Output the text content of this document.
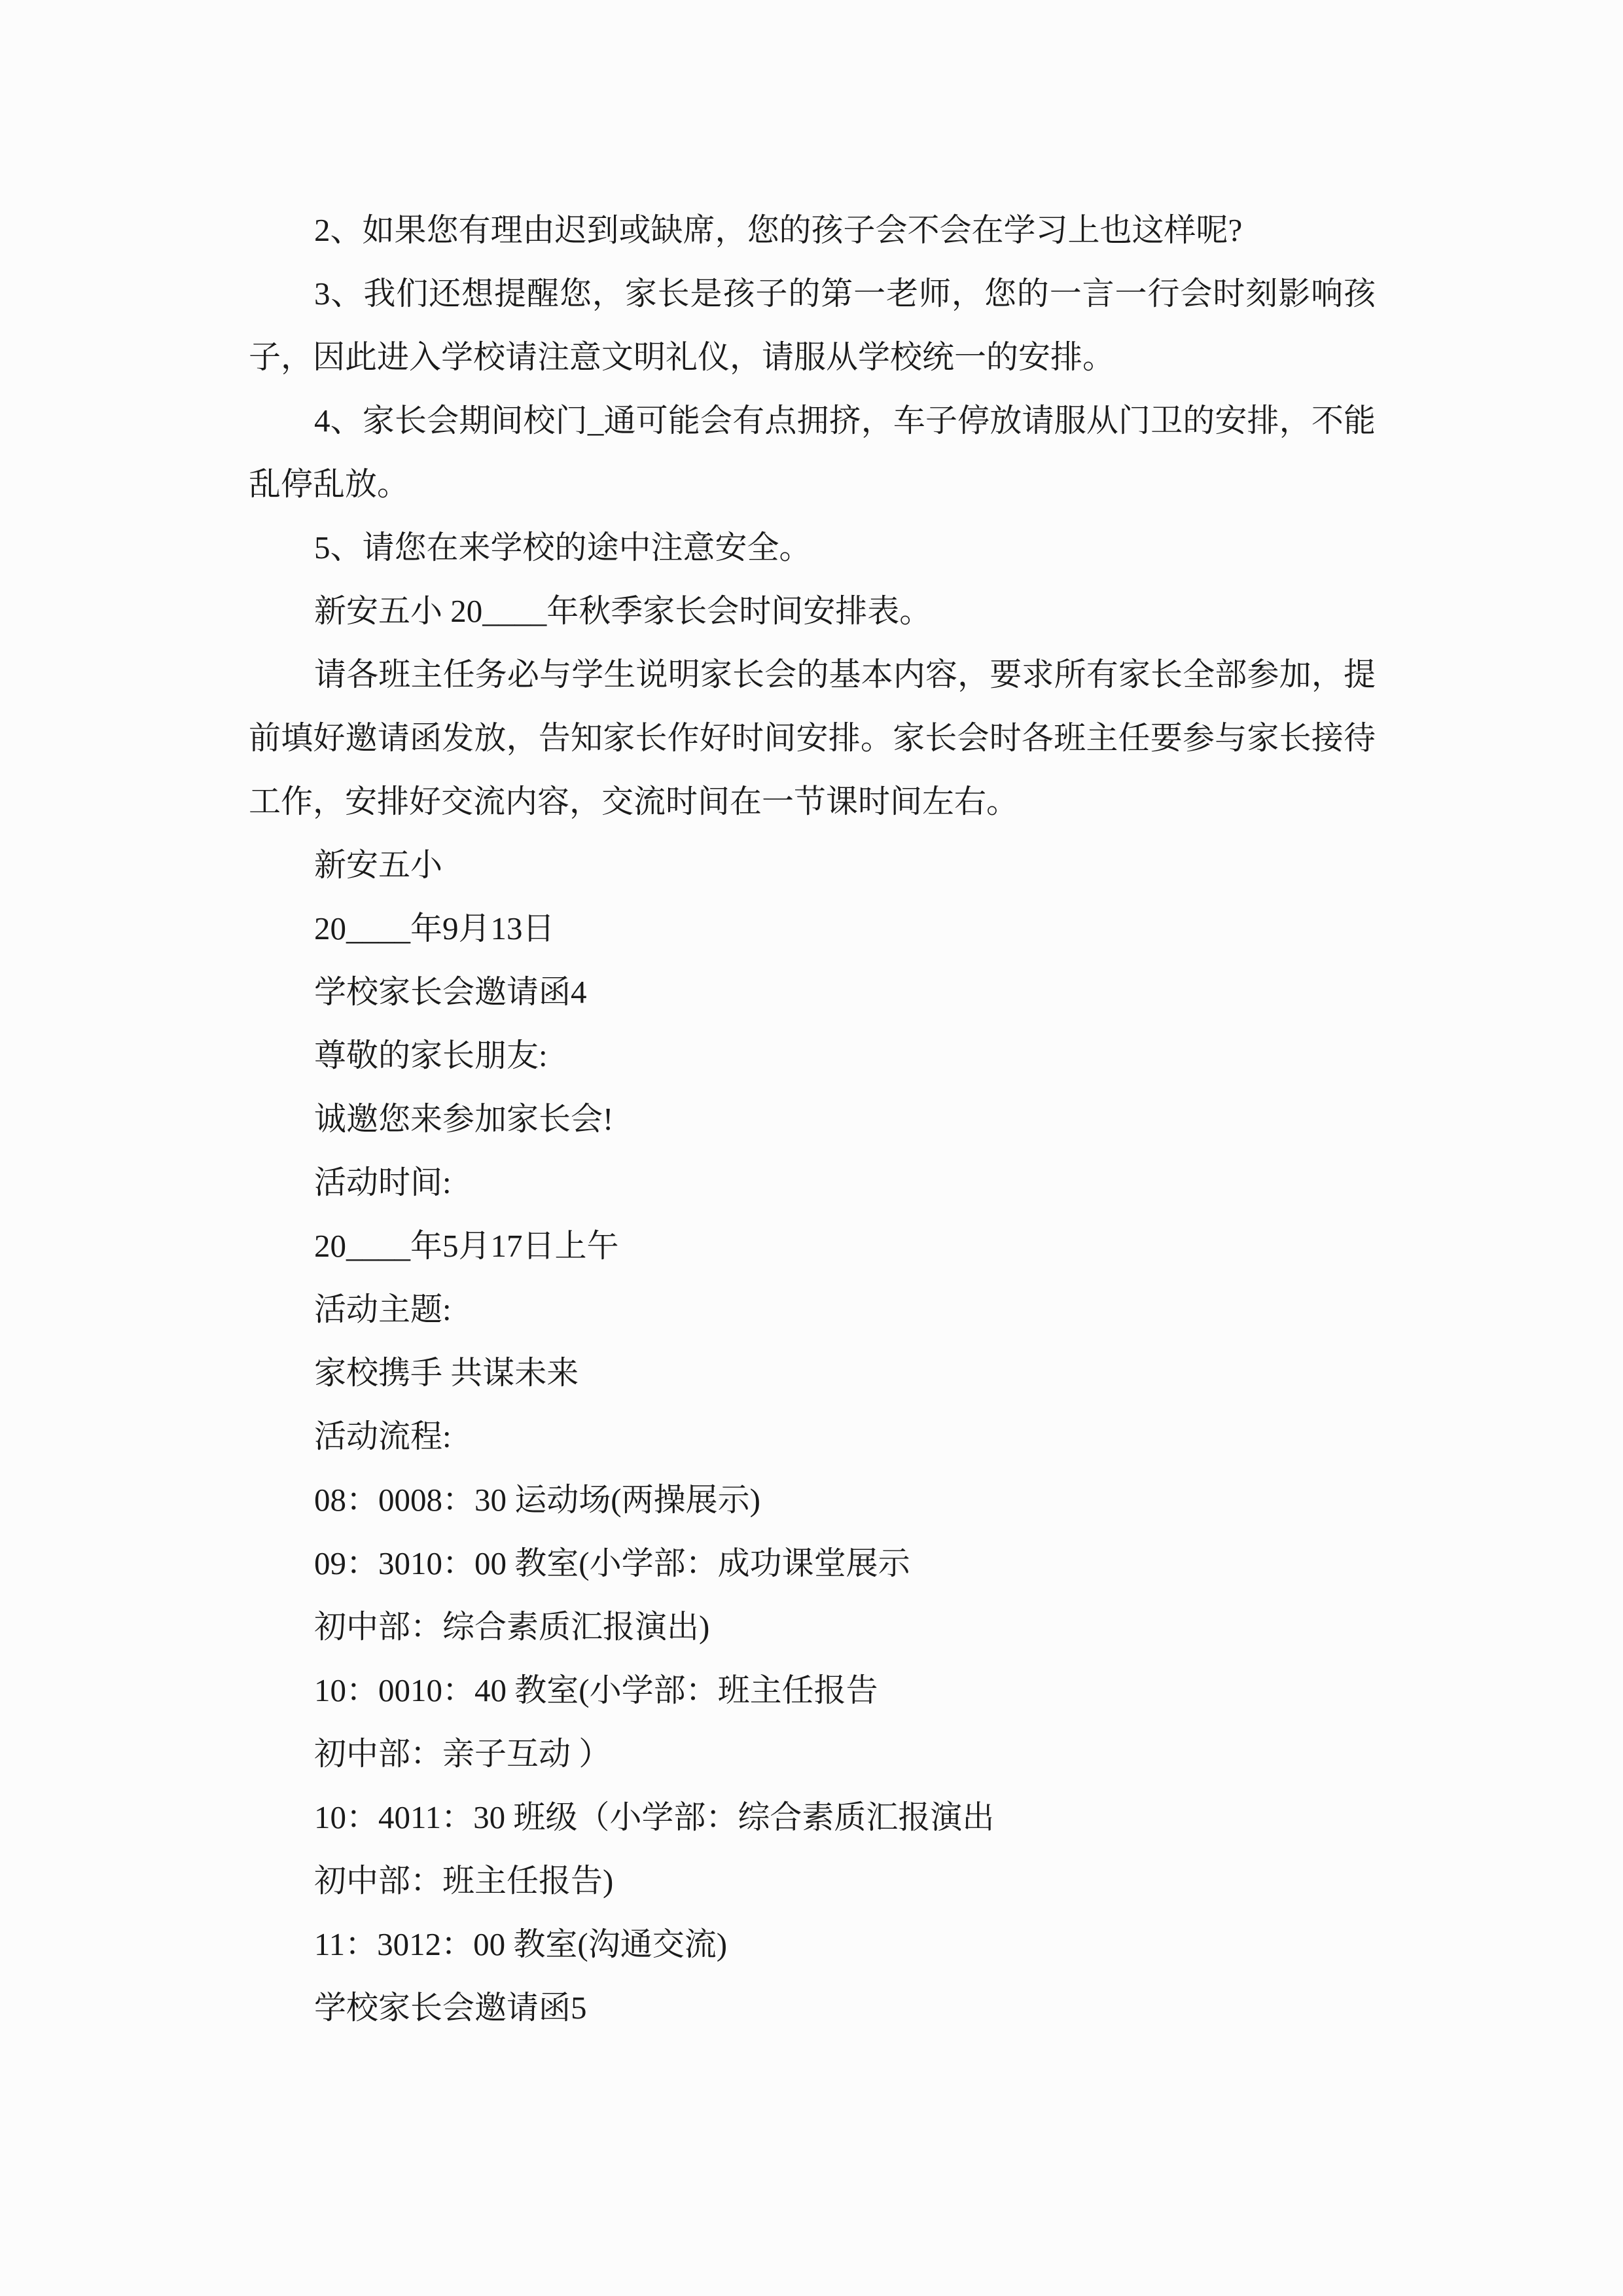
2、如果您有理由迟到或缺席，您的孩子会不会在学习上也这样呢?
3、我们还想提醒您，家长是孩子的第一老师，您的一言一行会时刻影响孩
子，因此进入学校请注意文明礼仪，请服从学校统一的安排。
4、家长会期间校门_通可能会有点拥挤，车子停放请服从门卫的安排，不能
乱停乱放。
5、请您在来学校的途中注意安全。
新安五小 20____年秋季家长会时间安排表。
请各班主任务必与学生说明家长会的基本内容，要求所有家长全部参加，提
前填好邀请函发放，告知家长作好时间安排。家长会时各班主任要参与家长接待
工作，安排好交流内容，交流时间在一节课时间左右。
新安五小
20____年9月13日
学校家长会邀请函4
尊敬的家长朋友:
诚邀您来参加家长会!
活动时间:
20____年5月17日上午
活动主题:
家校携手 共谋未来
活动流程:
08：0008：30 运动场(两操展示)
09：3010：00 教室(小学部：成功课堂展示
初中部：综合素质汇报演出)
10：0010：40 教室(小学部：班主任报告
初中部：亲子互动 ）
10：4011：30 班级（小学部：综合素质汇报演出
初中部：班主任报告)
11：3012：00 教室(沟通交流)
学校家长会邀请函5
